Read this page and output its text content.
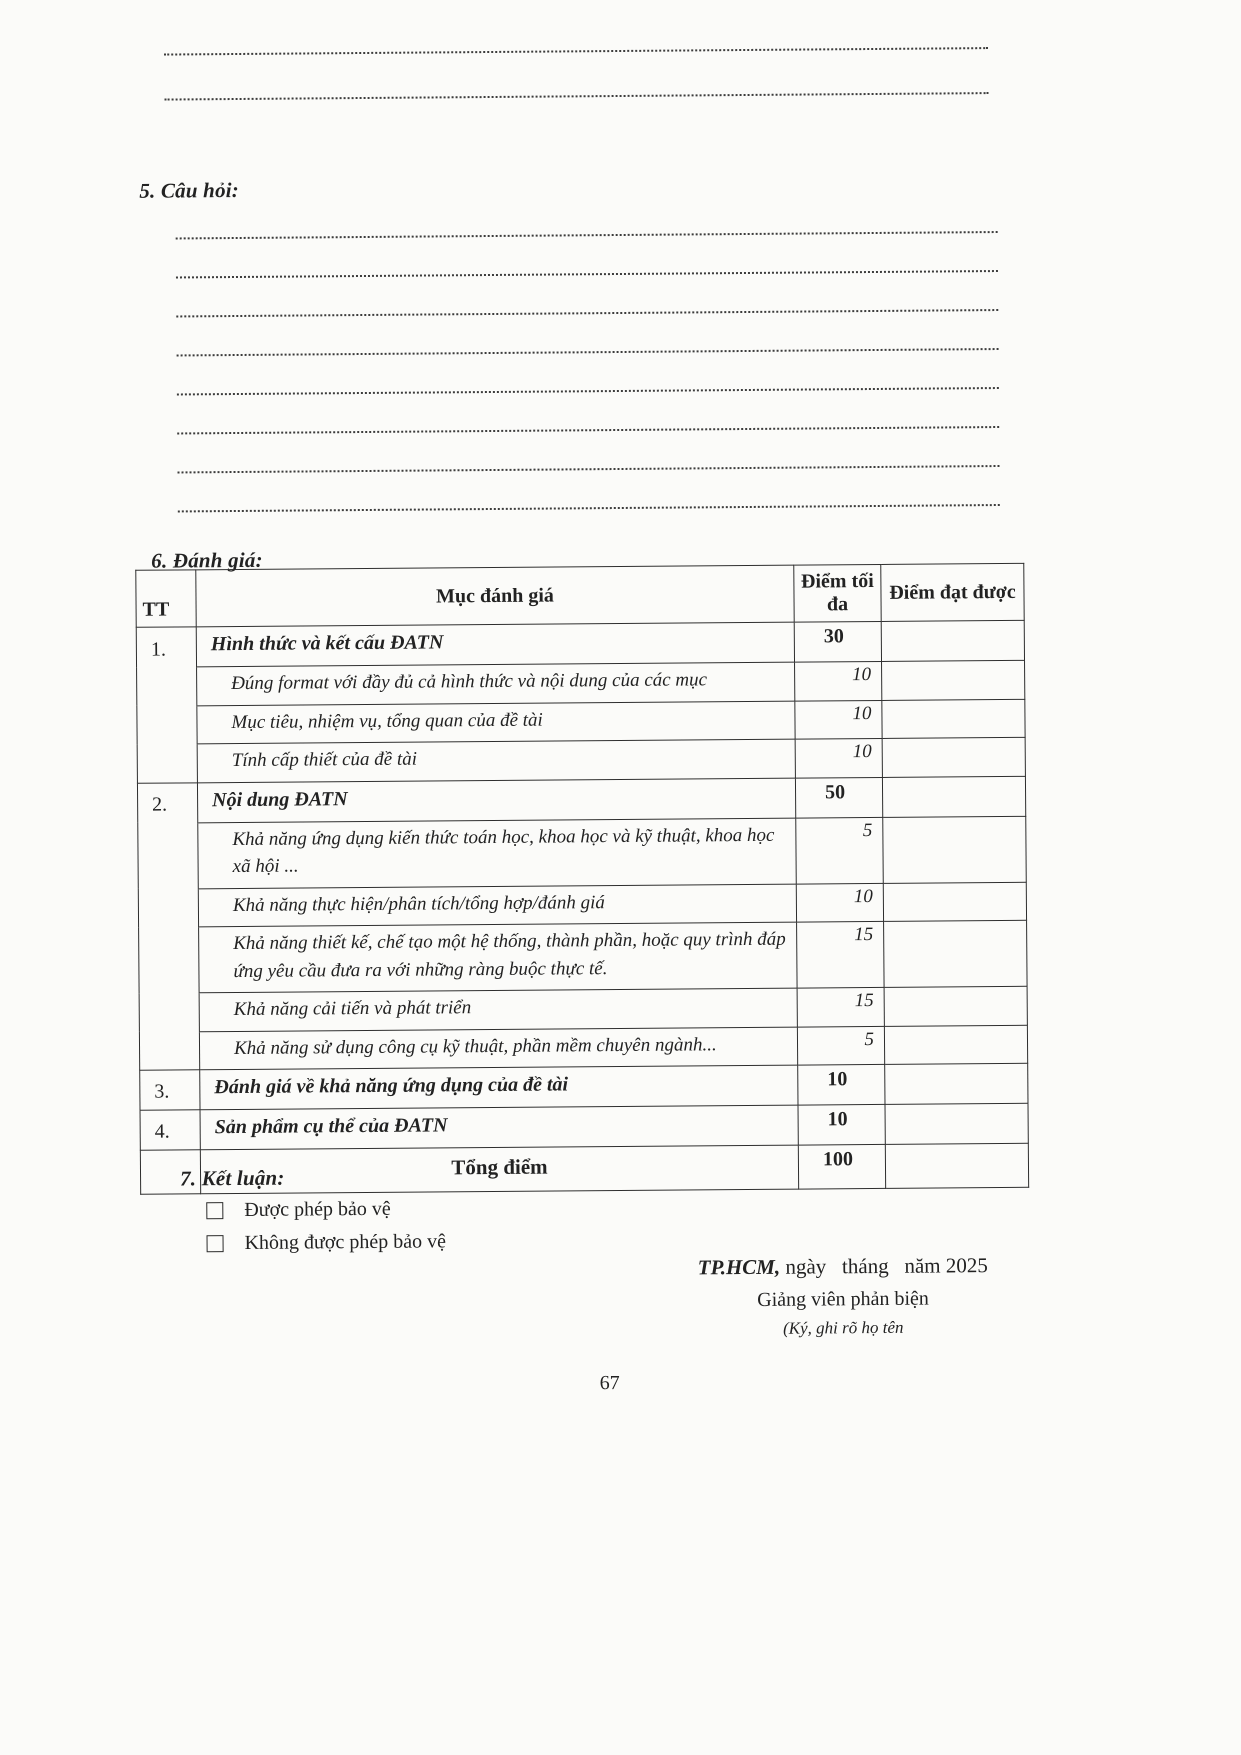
5. Câu hỏi:
6. Đánh giá:
TT	Mục đánh giá	Điểm tối đa	Điểm đạt được
1.	Hình thức và kết cấu ĐATN	30	
	Đúng format với đầy đủ cả hình thức và nội dung của các mục	10	
	Mục tiêu, nhiệm vụ, tổng quan của đề tài	10	
	Tính cấp thiết của đề tài	10	
2.	Nội dung ĐATN	50	
	Khả năng ứng dụng kiến thức toán học, khoa học và kỹ thuật, khoa học xã hội ...	5	
	Khả năng thực hiện/phân tích/tổng hợp/đánh giá	10	
	Khả năng thiết kế, chế tạo một hệ thống, thành phần, hoặc quy trình đáp ứng yêu cầu đưa ra với những ràng buộc thực tế.	15	
	Khả năng cải tiến và phát triển	15	
	Khả năng sử dụng công cụ kỹ thuật, phần mềm chuyên ngành...	5	
3.	Đánh giá về khả năng ứng dụng của đề tài	10	
4.	Sản phẩm cụ thể của ĐATN	10	
	Tổng điểm	100	
7. Kết luận:
Được phép bảo vệ
Không được phép bảo vệ
TP.HCM, ngày   tháng   năm 2025
Giảng viên phản biện
(Ký, ghi rõ họ tên
67
